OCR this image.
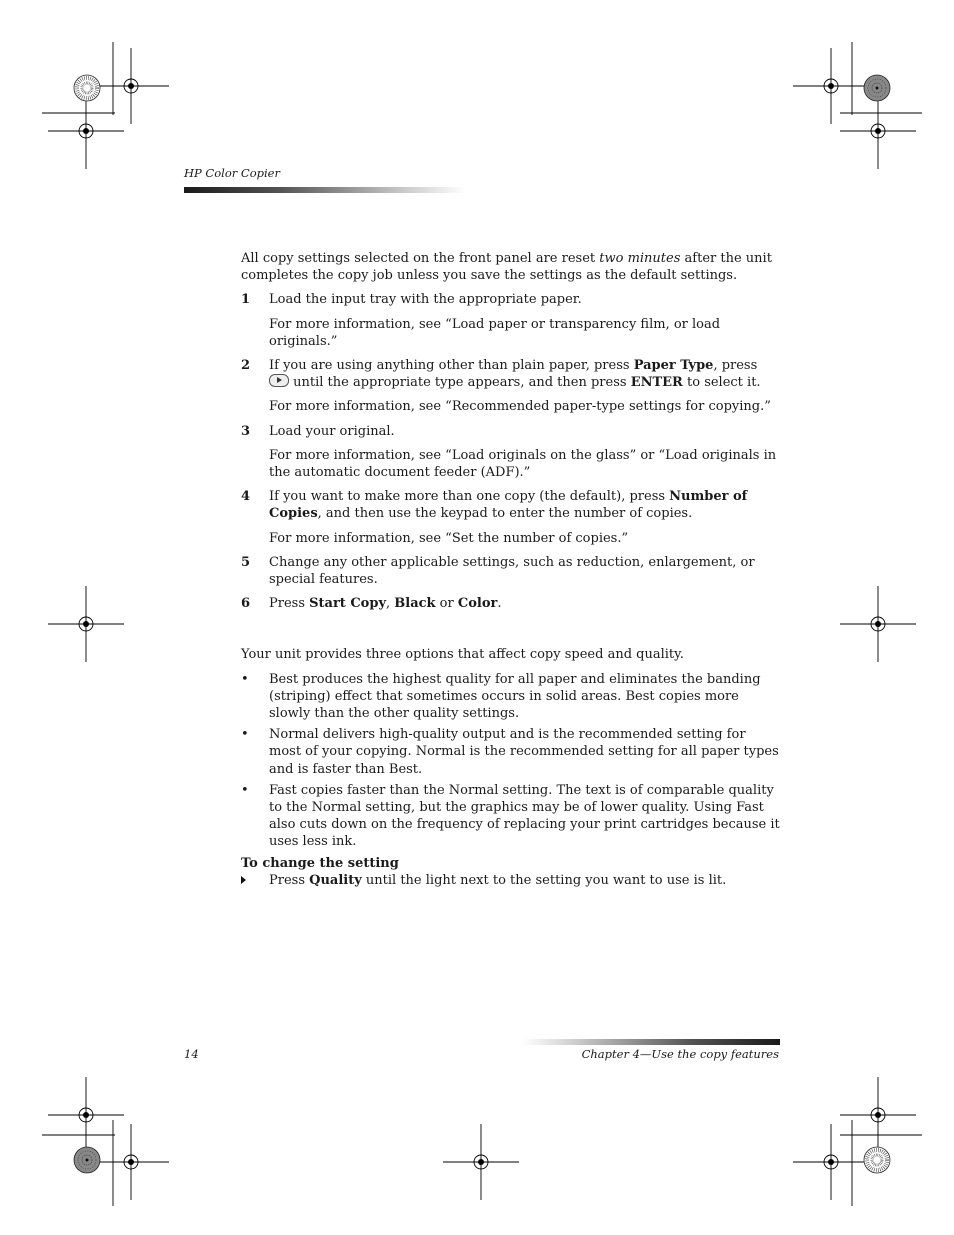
HP Color Copier

All copy settings selected on the front panel are reset two minutes after the unit completes the copy job unless you save the settings as the default settings.

1	Load the input tray with the appropriate paper.

For more information, see “Load paper or transparency film, or load originals.”

2	If you are using anything other than plain paper, press Paper Type, press  until the appropriate type appears, and then press ENTER to select it.

For more information, see “Recommended paper-type settings for copying.”

3	Load your original.

For more information, see “Load originals on the glass” or “Load originals in the automatic document feeder (ADF).”

4	If you want to make more than one copy (the default), press Number of Copies, and then use the keypad to enter the number of copies.

For more information, see “Set the number of copies.”

5	Change any other applicable settings, such as reduction, enlargement, or special features.

6	Press Start Copy, Black or Color.

Your unit provides three options that affect copy speed and quality.

•	Best produces the highest quality for all paper and eliminates the banding (striping) effect that sometimes occurs in solid areas. Best copies more slowly than the other quality settings.
•	Normal delivers high-quality output and is the recommended setting for most of your copying. Normal is the recommended setting for all paper types and is faster than Best.
•	Fast copies faster than the Normal setting. The text is of comparable quality to the Normal setting, but the graphics may be of lower quality. Using Fast also cuts down on the frequency of replacing your print cartridges because it uses less ink.

To change the setting

Press Quality until the light next to the setting you want to use is lit.
14	Chapter 4—Use the copy features
